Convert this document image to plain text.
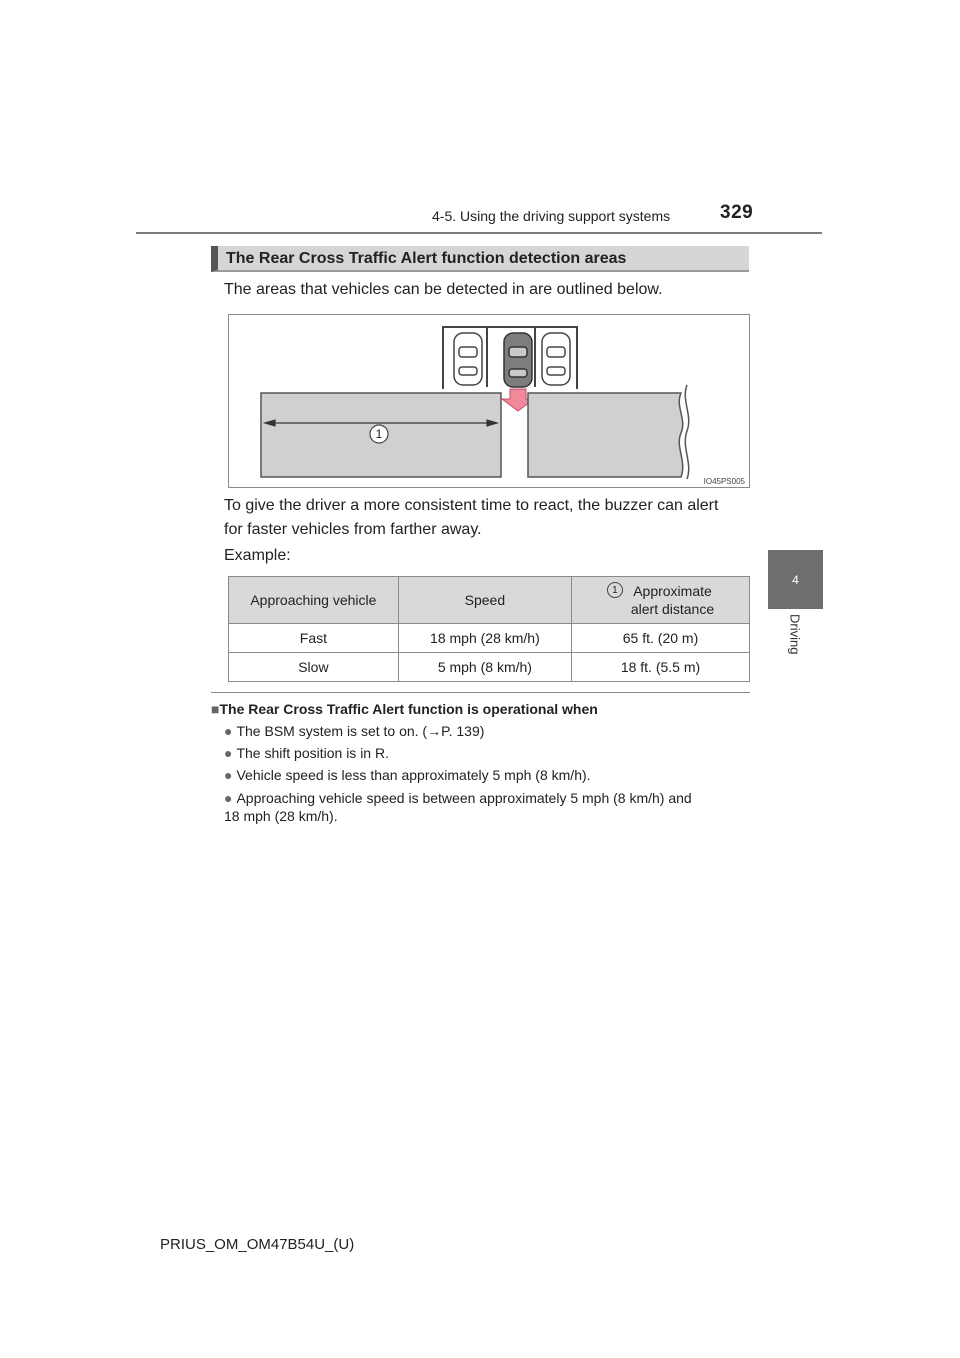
4-5. Using the driving support systems	329
4
Driving
The Rear Cross Traffic Alert function detection areas
The areas that vehicles can be detected in are outlined below.
1
IO45PS005
To give the driver a more consistent time to react, the buzzer can alert
for faster vehicles from farther away.
Example:
Approaching vehicle	Speed	1 Approximate
alert distance

Fast	18 mph (28 km/h)	65 ft. (20 m)
Slow	5 mph (8 km/h)	18 ft. (5.5 m)
■The Rear Cross Traffic Alert function is operational when
● The BSM system is set to on. (→P. 139)
● The shift position is in R.
● Vehicle speed is less than approximately 5 mph (8 km/h).
● Approaching vehicle speed is between approximately 5 mph (8 km/h) and
18 mph (28 km/h).
PRIUS_OM_OM47B54U_(U)
